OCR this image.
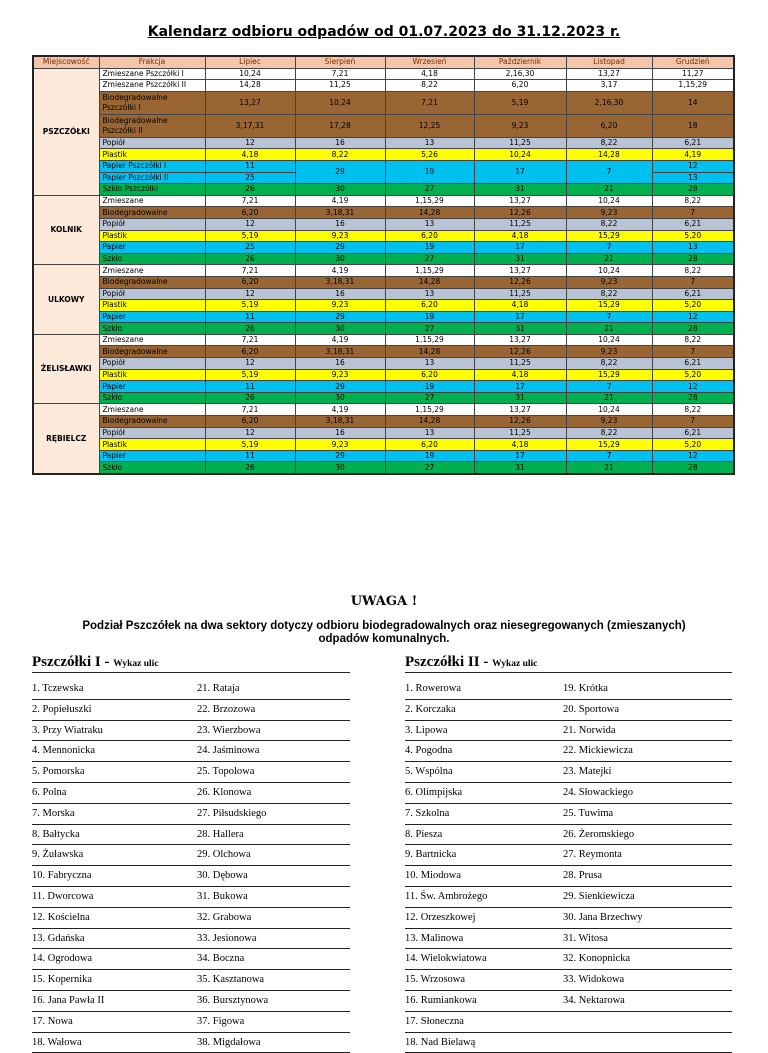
Kalendarz odbioru odpadów od 01.07.2023 do 31.12.2023 r.
Miejscowość	Frakcja	Lipiec	Sierpień	Wrzesień	Październik	Listopad	Grudzień
PSZCZÓŁKI	Zmieszane Pszczółki I	10,24	7,21	4,18	2,16,30	13,27	11,27
	Zmieszane Pszczółki II	14,28	11,25	8,22	6,20	3,17	1,15,29
	Biodegradowalne Pszczółki I	13,27	10,24	7,21	5,19	2,16,30	14
	Biodegradowalne Pszczółki II	3,17,31	17,28	12,25	9,23	6,20	18
	Popiół	12	16	13	11,25	8,22	6,21
	Plastik	4,18	8,22	5,26	10,24	14,28	4,19
	Papier Pszczółki I	11	29	19	17	7	12
	Papier Pszczółki II	25					13
	Szkło Pszczółki	26	30	27	31	21	28
KOLNIK	Zmieszane	7,21	4,19	1,15,29	13,27	10,24	8,22
	Biodegradowalne	6,20	3,18,31	14,28	12,26	9,23	7
	Popiół	12	16	13	11,25	8,22	6,21
	Plastik	5,19	9,23	6,20	4,18	15,29	5,20
	Papier	25	29	19	17	7	13
	Szkło	26	30	27	31	21	28
ULKOWY	Zmieszane	7,21	4,19	1,15,29	13,27	10,24	8,22
	Biodegradowalne	6,20	3,18,31	14,28	12,26	9,23	7
	Popiół	12	16	13	11,25	8,22	6,21
	Plastik	5,19	9,23	6,20	4,18	15,29	5,20
	Papier	11	29	19	17	7	12
	Szkło	26	30	27	31	21	28
ŻELISŁAWKI	Zmieszane	7,21	4,19	1,15,29	13,27	10,24	8,22
	Biodegradowalne	6,20	3,18,31	14,28	12,26	9,23	7
	Popiół	12	16	13	11,25	8,22	6,21
	Plastik	5,19	9,23	6,20	4,18	15,29	5,20
	Papier	11	29	19	17	7	12
	Szkło	26	30	27	31	21	28
RĘBIELCZ	Zmieszane	7,21	4,19	1,15,29	13,27	10,24	8,22
	Biodegradowalne	6,20	3,18,31	14,28	12,26	9,23	7
	Popiół	12	16	13	11,25	8,22	6,21
	Plastik	5,19	9,23	6,20	4,18	15,29	5,20
	Papier	11	29	19	17	7	12
	Szkło	26	30	27	31	21	28
UWAGA !
Podział Pszczółek na dwa sektory dotyczy odbioru biodegradowalnych oraz niesegregowanych (zmieszanych) odpadów komunalnych.
Pszczółki I - Wykaz ulic
1. Tczewska	21. Rataja
2. Popiełuszki	22. Brzozowa
3. Przy Wiatraku	23. Wierzbowa
4. Mennonicka	24. Jaśminowa
5. Pomorska	25. Topolowa
6. Polna	26. Klonowa
7. Morska	27. Piłsudskiego
8. Bałtycka	28. Hallera
9. Żuławska	29. Olchowa
10. Fabryczna	30. Dębowa
11. Dworcowa	31. Bukowa
12. Kościelna	32. Grabowa
13. Gdańska	33. Jesionowa
14. Ogrodowa	34. Boczna
15. Kopernika	35. Kasztanowa
16. Jana Pawła II	36. Bursztynowa
17. Nowa	37. Figowa
18. Wałowa	38. Migdałowa
Pszczółki II - Wykaz ulic
1. Rowerowa	19. Krótka
2. Korczaka	20. Sportowa
3. Lipowa	21. Norwida
4. Pogodna	22. Mickiewicza
5. Wspólna	23. Matejki
6. Olimpijska	24. Słowackiego
7. Szkolna	25. Tuwima
8. Piesza	26. Żeromskiego
9. Bartnicka	27. Reymonta
10. Miodowa	28. Prusa
11. Św. Ambrożego	29. Sienkiewicza
12. Orzeszkowej	30. Jana Brzechwy
13. Malinowa	31. Witosa
14. Wielokwiatowa	32. Konopnicka
15. Wrzosowa	33. Widokowa
16. Rumiankowa	34. Nektarowa
17. Słoneczna
18. Nad Bielawą
